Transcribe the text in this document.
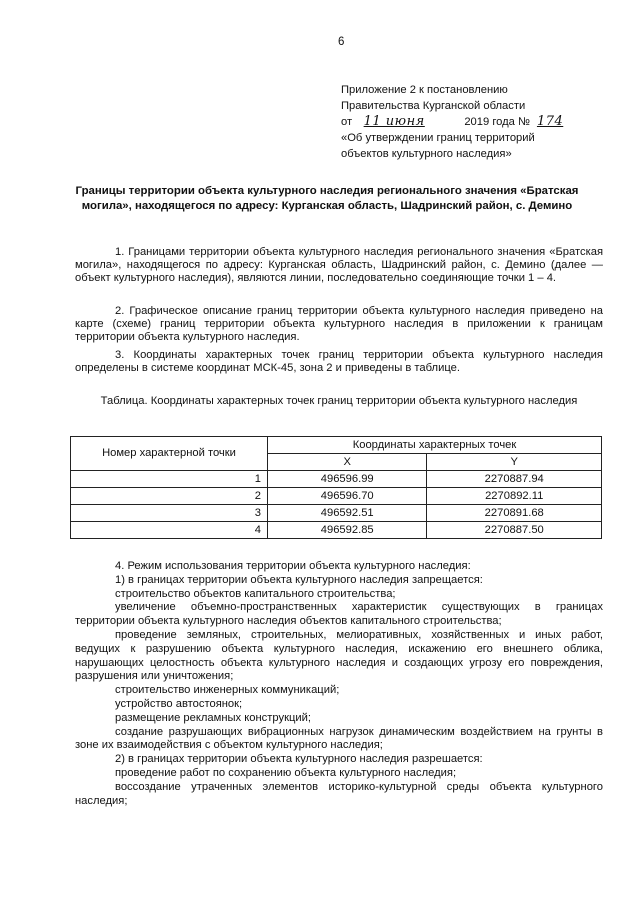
6
Приложение 2 к постановлению
Правительства Курганской области
от 11 июня	2019 года № 174
«Об утверждении границ территорий
объектов культурного наследия»
Границы территории объекта культурного наследия регионального значения «Братская могила», находящегося по адресу: Курганская область, Шадринский район, с. Демино

1. Границами территории объекта культурного наследия регионального значения «Братская могила», находящегося по адресу: Курганская область, Шадринский район, с. Демино (далее — объект культурного наследия), являются линии, последовательно соединяющие точки 1 – 4.

2. Графическое описание границ территории объекта культурного наследия приведено на карте (схеме) границ территории объекта культурного наследия в приложении к границам территории объекта культурного наследия.

3. Координаты характерных точек границ территории объекта культурного наследия определены в системе координат МСК-45, зона 2 и приведены в таблице.

Таблица. Координаты характерных точек границ территории объекта культурного наследия
Номер характерной точки	Координаты характерных точек	
	X	Y
1	496596.99	2270887.94
2	496596.70	2270892.11
3	496592.51	2270891.68
4	496592.85	2270887.50

4. Режим использования территории объекта культурного наследия:

1) в границах территории объекта культурного наследия запрещается:

строительство объектов капитального строительства;

увеличение объемно-пространственных характеристик существующих в границах территории объекта культурного наследия объектов капитального строительства;

проведение земляных, строительных, мелиоративных, хозяйственных и иных работ, ведущих к разрушению объекта культурного наследия, искажению его внешнего облика, нарушающих целостность объекта культурного наследия и создающих угрозу его повреждения, разрушения или уничтожения;

строительство инженерных коммуникаций;

устройство автостоянок;

размещение рекламных конструкций;

создание разрушающих вибрационных нагрузок динамическим воздействием на грунты в зоне их взаимодействия с объектом культурного наследия;

2) в границах территории объекта культурного наследия разрешается:

проведение работ по сохранению объекта культурного наследия;

воссоздание утраченных элементов историко-культурной среды объекта культурного наследия;
